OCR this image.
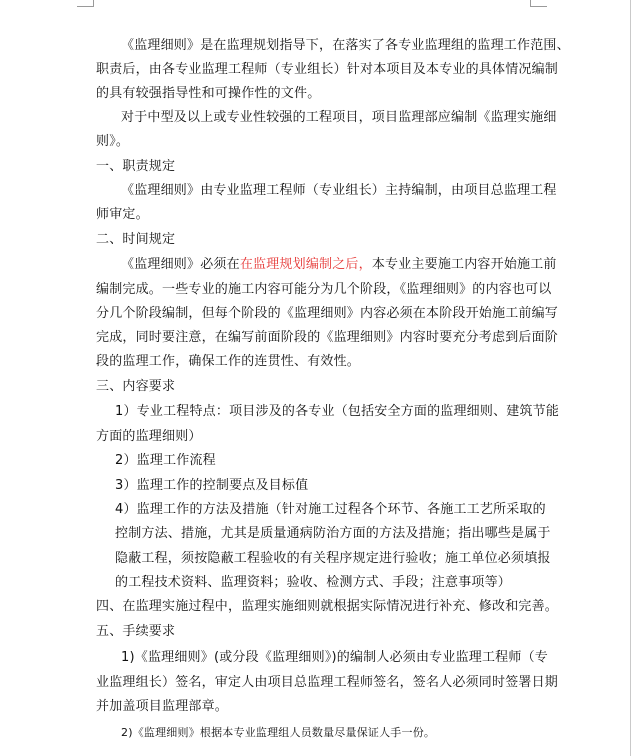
《监理细则》是在监理规划指导下，在落实了各专业监理组的监理工作范围、
职责后，由各专业监理工程师（专业组长）针对本项目及本专业的具体情况编制
的具有较强指导性和可操作性的文件。
对于中型及以上或专业性较强的工程项目，项目监理部应编制《监理实施细
则》。
一、职责规定
《监理细则》由专业监理工程师（专业组长）主持编制，由项目总监理工程
师审定。
二、时间规定
《监理细则》必须在在监理规划编制之后，本专业主要施工内容开始施工前
编制完成。一些专业的施工内容可能分为几个阶段，《监理细则》的内容也可以
分几个阶段编制，但每个阶段的《监理细则》内容必须在本阶段开始施工前编写
完成，同时要注意，在编写前面阶段的《监理细则》内容时要充分考虑到后面阶
段的监理工作，确保工作的连贯性、有效性。
三、内容要求
1）专业工程特点：项目涉及的各专业（包括安全方面的监理细则、建筑节能
方面的监理细则）
2）监理工作流程
3）监理工作的控制要点及目标值
4）监理工作的方法及措施（针对施工过程各个环节、各施工工艺所采取的
控制方法、措施，尤其是质量通病防治方面的方法及措施；指出哪些是属于
隐蔽工程，须按隐蔽工程验收的有关程序规定进行验收；施工单位必须填报
的工程技术资料、监理资料；验收、检测方式、手段；注意事项等）
四、在监理实施过程中，监理实施细则就根据实际情况进行补充、修改和完善。
五、手续要求
1)《监理细则》(或分段《监理细则》)的编制人必须由专业监理工程师（专
业监理组长）签名，审定人由项目总监理工程师签名，签名人必须同时签署日期
并加盖项目监理部章。
2)《监理细则》根据本专业监理组人员数量尽量保证人手一份。
